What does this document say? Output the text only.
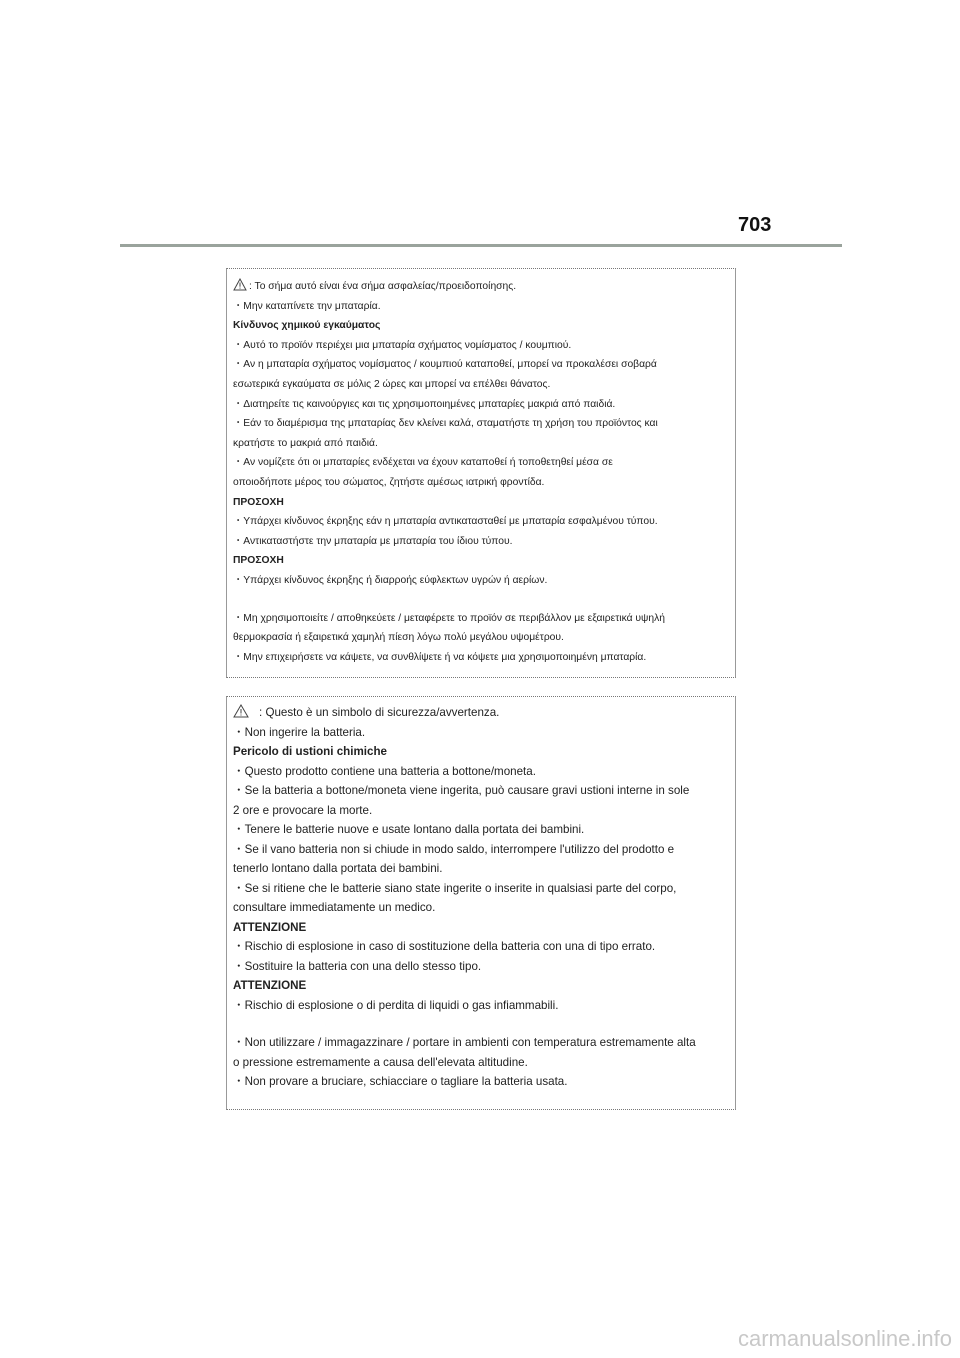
703
: Το σήμα αυτό είναι ένα σήμα ασφαλείας/προειδοποίησης.
・Μην καταπίνετε την μπαταρία.
Κίνδυνος χημικού εγκαύματος
・Αυτό το προϊόν περιέχει μια μπαταρία σχήματος νομίσματος / κουμπιού.
・Αν η μπαταρία σχήματος νομίσματος / κουμπιού καταποθεί, μπορεί να προκαλέσει σοβαρά
εσωτερικά εγκαύματα σε μόλις 2 ώρες και μπορεί να επέλθει θάνατος.
・Διατηρείτε τις καινούργιες και τις χρησιμοποιημένες μπαταρίες μακριά από παιδιά.
・Εάν το διαμέρισμα της μπαταρίας δεν κλείνει καλά, σταματήστε τη χρήση του προϊόντος και
κρατήστε το μακριά από παιδιά.
・Αν νομίζετε ότι οι μπαταρίες ενδέχεται να έχουν καταποθεί ή τοποθετηθεί μέσα σε
οποιοδήποτε μέρος του σώματος, ζητήστε αμέσως ιατρική φροντίδα.
ΠΡΟΣΟΧΗ
・Υπάρχει κίνδυνος έκρηξης εάν η μπαταρία αντικατασταθεί με μπαταρία εσφαλμένου τύπου.
・Αντικαταστήστε την μπαταρία με μπαταρία του ίδιου τύπου.
ΠΡΟΣΟΧΗ
・Υπάρχει κίνδυνος έκρηξης ή διαρροής εύφλεκτων υγρών ή αερίων.
・Μη χρησιμοποιείτε / αποθηκεύετε / μεταφέρετε το προϊόν σε περιβάλλον με εξαιρετικά υψηλή
θερμοκρασία ή εξαιρετικά χαμηλή πίεση λόγω πολύ μεγάλου υψομέτρου.
・Μην επιχειρήσετε να κάψετε, να συνθλίψετε ή να κόψετε μια χρησιμοποιημένη μπαταρία.
: Questo è un simbolo di sicurezza/avvertenza.
・Non ingerire la batteria.
Pericolo di ustioni chimiche
・Questo prodotto contiene una batteria a bottone/moneta.
・Se la batteria a bottone/moneta viene ingerita, può causare gravi ustioni interne in sole
2 ore e provocare la morte.
・Tenere le batterie nuove e usate lontano dalla portata dei bambini.
・Se il vano batteria non si chiude in modo saldo, interrompere l'utilizzo del prodotto e
tenerlo lontano dalla portata dei bambini.
・Se si ritiene che le batterie siano state ingerite o inserite in qualsiasi parte del corpo,
consultare immediatamente un medico.
ATTENZIONE
・Rischio di esplosione in caso di sostituzione della batteria con una di tipo errato.
・Sostituire la batteria con una dello stesso tipo.
ATTENZIONE
・Rischio di esplosione o di perdita di liquidi o gas infiammabili.
・Non utilizzare / immagazzinare / portare in ambienti con temperatura estremamente alta
o pressione estremamente a causa dell'elevata altitudine.
・Non provare a bruciare, schiacciare o tagliare la batteria usata.
carmanualsonline.info
